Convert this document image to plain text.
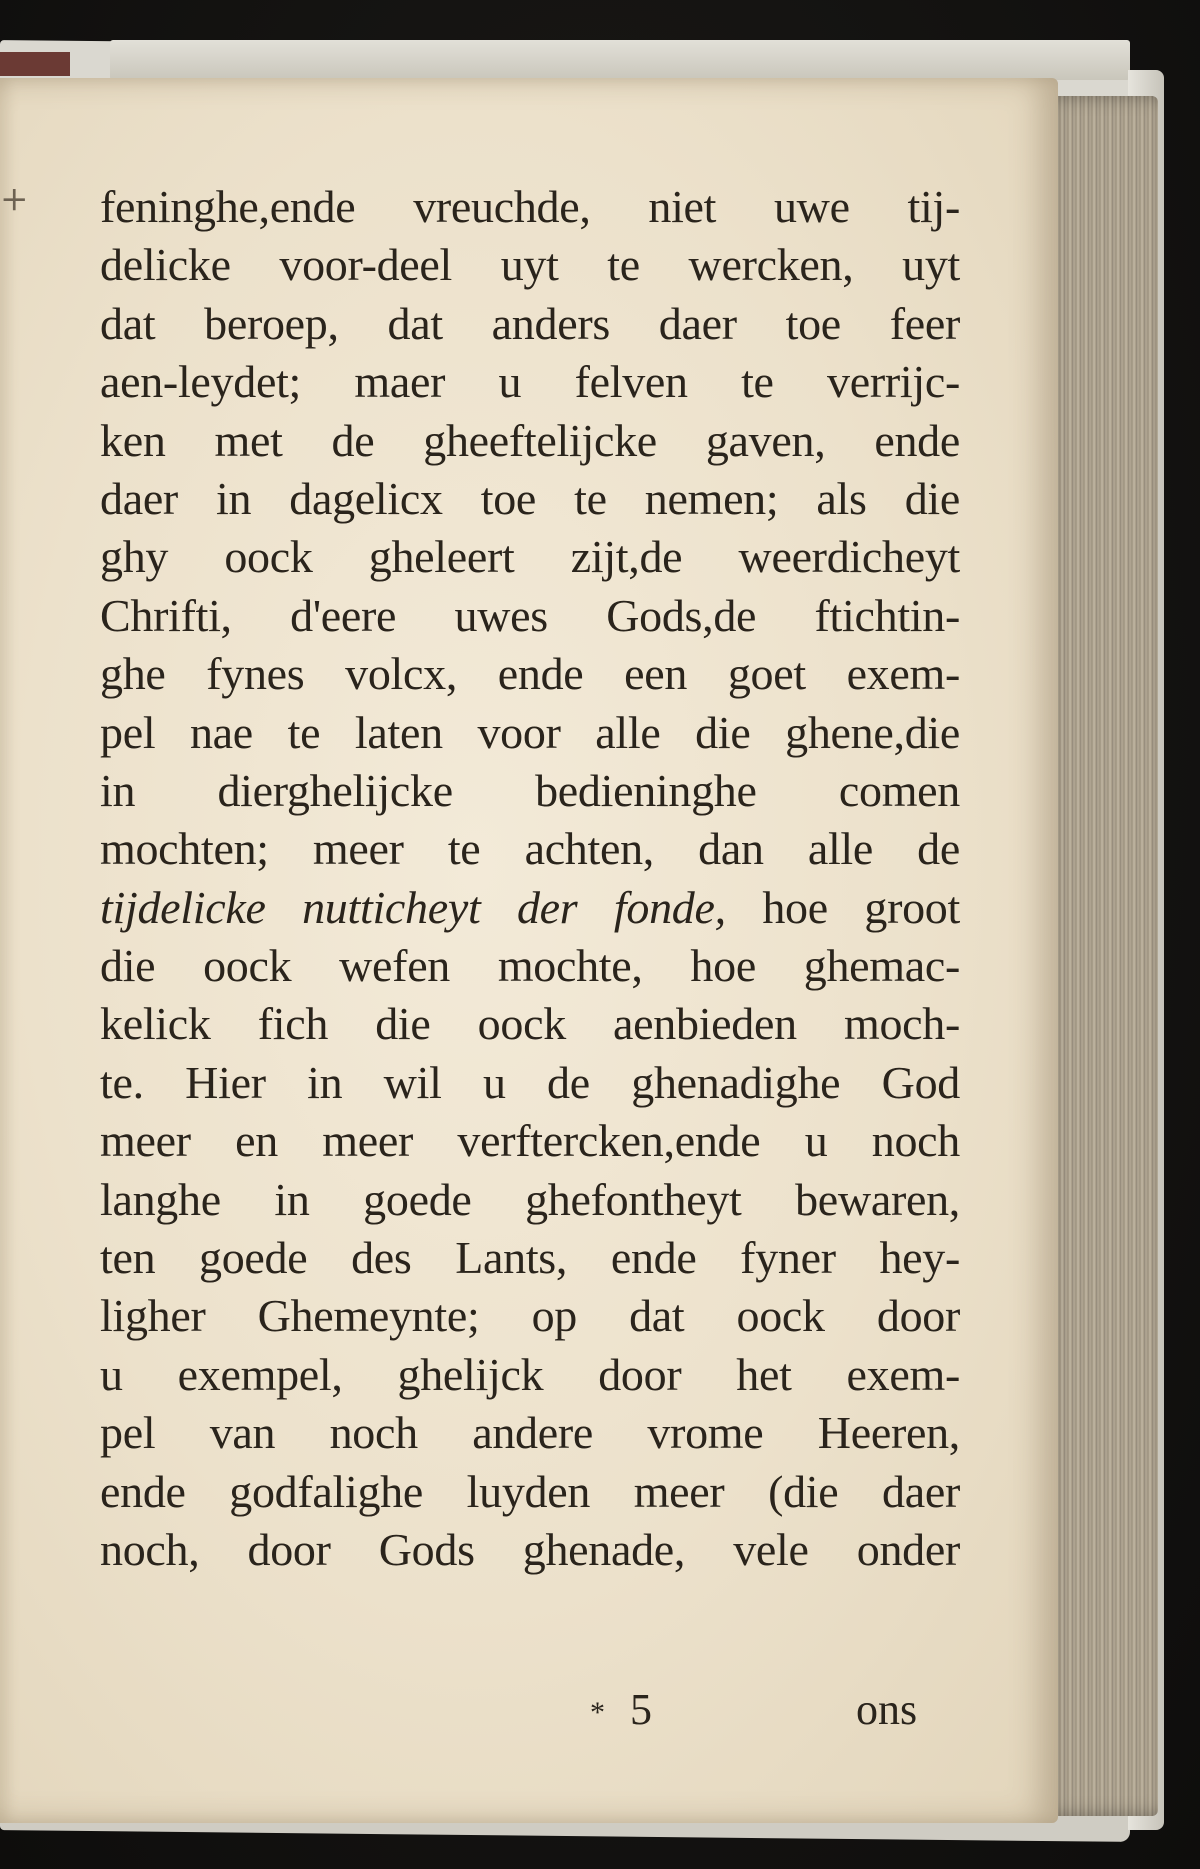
+ feninghe,ende vreuchde, niet uwe tij-
delicke voor-deel uyt te wercken, uyt
dat beroep, dat anders daer toe feer
aen-leydet; maer u felven te verrijc-
ken met de gheeftelijcke gaven, ende
daer in dagelicx toe te nemen; als die
ghy oock gheleert zijt,de weerdicheyt
Chrifti, d'eere uwes Gods,de ftichtin-
ghe fynes volcx, ende een goet exem-
pel nae te laten voor alle die ghene,die
in dierghelijcke bedieninghe comen
mochten; meer te achten, dan alle de
tijdelicke nutticheyt der fonde, hoe groot
die oock wefen mochte, hoe ghemac-
kelick fich die oock aenbieden moch-
te. Hier in wil u de ghenadighe God
meer en meer verftercken,ende u noch
langhe in goede ghefontheyt bewaren,
ten goede des Lants, ende fyner hey-
ligher Ghemeynte; op dat oock door
u exempel, ghelijck door het exem-
pel van noch andere vrome Heeren,
ende godfalighe luyden meer (die daer
noch, door Gods ghenade, vele onder
* 5	ons
